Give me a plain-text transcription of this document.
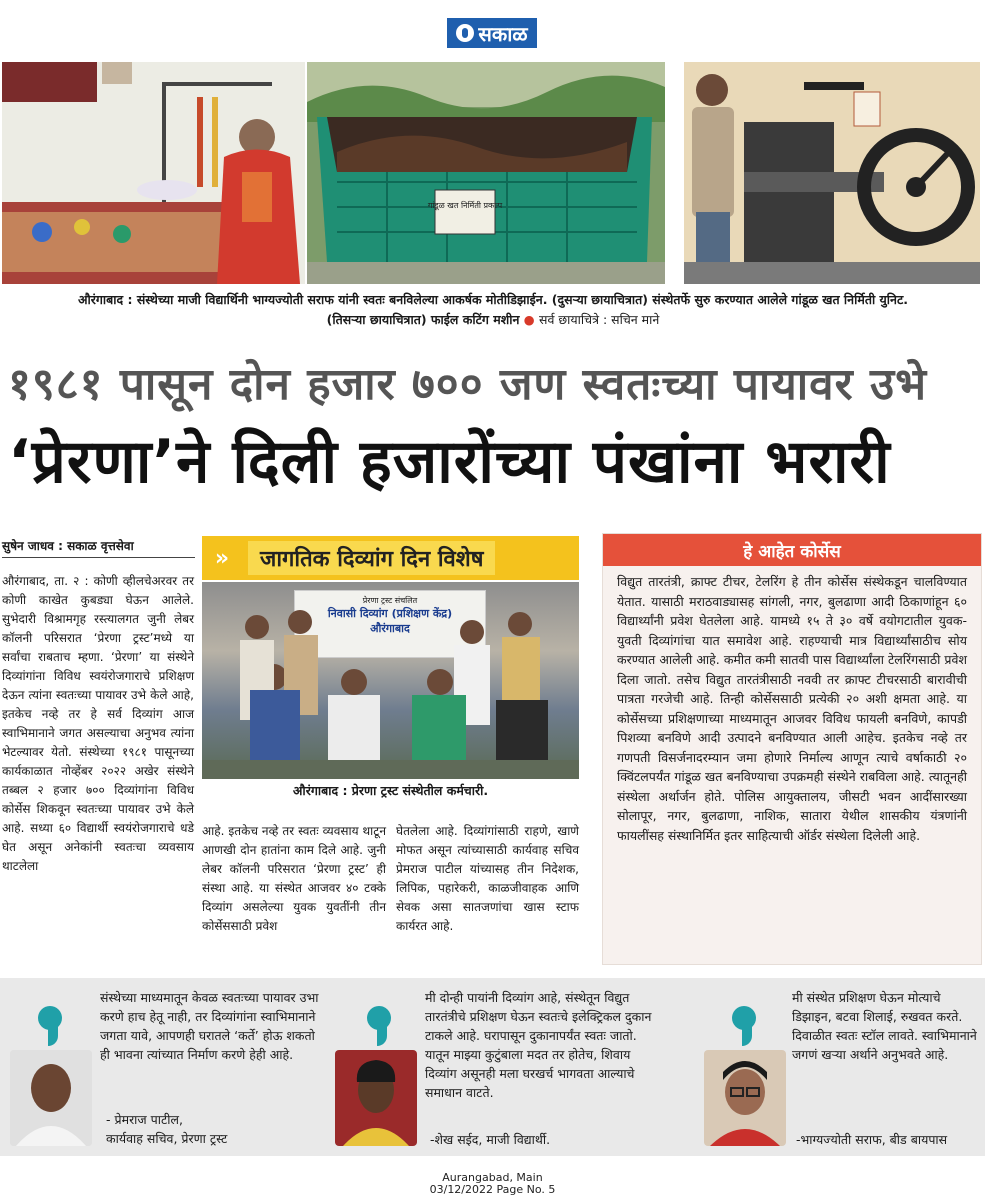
सकाळ
गांडूळ खत निर्मिती प्रकल्प
औरंगाबाद : संस्थेच्या माजी विद्यार्थिनी भाग्यज्योती सराफ यांनी स्वतः बनविलेल्या आकर्षक मोतीडिझाईन. (दुसऱ्या छायाचित्रात) संस्थेतर्फे सुरु करण्यात आलेले गांडूळ खत निर्मिती युनिट.
(तिसऱ्या छायाचित्रात) फाईल कटिंग मशीन ● सर्व छायाचित्रे : सचिन माने
१९८१ पासून दोन हजार ७०० जण स्वतःच्या पायावर उभे
‘प्रेरणा’ने दिली हजारोंच्या पंखांना भरारी
सुषेन जाधव : सकाळ वृत्तसेवा
औरंगाबाद, ता. २ : कोणी व्हीलचेअरवर तर कोणी काखेत कुबड्या घेऊन आलेले. सुभेदारी विश्रामगृह रस्त्यालगत जुनी लेबर कॉलनी परिसरात ‘प्रेरणा ट्रस्ट’मध्ये या सर्वांचा राबताच म्हणा. ‘प्रेरणा’ या संस्थेने दिव्यांगांना विविध स्वयंरोजगाराचे प्रशिक्षण देऊन त्यांना स्वतःच्या पायावर उभे केले आहे, इतकेच नव्हे तर हे सर्व दिव्यांग आज स्वाभिमानाने जगत असल्याचा अनुभव त्यांना भेटल्यावर येतो. संस्थेच्या १९८१ पासूनच्या कार्यकाळात नोव्हेंबर २०२२ अखेर संस्थेने तब्बल २ हजार ७०० दिव्यांगांना विविध कोर्सेस शिकवून स्वतःच्या पायावर उभे केले आहे. सध्या ६० विद्यार्थी स्वयंरोजगाराचे धडे घेत असून अनेकांनी स्वतःचा व्यवसाय थाटलेला
»	जागतिक दिव्यांग दिन विशेष
प्रेरणा ट्रस्ट संचलित
निवासी दिव्यांग (प्रशिक्षण केंद्र)
औरंगाबाद
औरंगाबाद : प्रेरणा ट्रस्ट संस्थेतील कर्मचारी.
आहे. इतकेच नव्हे तर स्वतः व्यवसाय थाटून आणखी दोन हातांना काम दिले आहे. जुनी लेबर कॉलनी परिसरात ‘प्रेरणा ट्रस्ट’ ही संस्था आहे. या संस्थेत आजवर ४० टक्के दिव्यांग असलेल्या युवक युवतींनी तीन कोर्सेससाठी प्रवेश
घेतलेला आहे. दिव्यांगांसाठी राहणे, खाणे मोफत असून त्यांच्यासाठी कार्यवाह सचिव प्रेमराज पाटील यांच्यासह तीन निदेशक, लिपिक, पहारेकरी, काळजीवाहक आणि सेवक असा सातजणांचा खास स्टाफ कार्यरत आहे.
हे आहेत कोर्सेस
विद्युत तारतंत्री, क्राफ्ट टीचर, टेलरिंग हे तीन कोर्सेस संस्थेकडून चालविण्यात येतात. यासाठी मराठवाड्यासह सांगली, नगर, बुलढाणा आदी ठिकाणांहून ६० विद्यार्थ्यांनी प्रवेश घेतलेला आहे. यामध्ये १५ ते ३० वर्षे वयोगटातील युवक-युवती दिव्यांगांचा यात समावेश आहे. राहण्याची मात्र विद्यार्थ्यांसाठीच सोय करण्यात आलेली आहे. कमीत कमी सातवी पास विद्यार्थ्यांला टेलरिंगसाठी प्रवेश दिला जातो. तसेच विद्युत तारतंत्रीसाठी नववी तर क्राफ्ट टीचरसाठी बारावीची पात्रता गरजेची आहे. तिन्ही कोर्सेससाठी प्रत्येकी २० अशी क्षमता आहे. या कोर्सेसच्या प्रशिक्षणाच्या माध्यमातून आजवर विविध फायली बनविणे, कापडी पिशव्या बनविणे आदी उत्पादने बनविण्यात आली आहेच. इतकेच नव्हे तर गणपती विसर्जनादरम्यान जमा होणारे निर्माल्य आणून त्याचे वर्षाकाठी २० क्विंटलपर्यंत गांडूळ खत बनविण्याचा उपक्रमही संस्थेने राबविला आहे. त्यातूनही संस्थेला अर्थार्जन होते. पोलिस आयुक्तालय, जीसटी भवन आदींसारख्या सोलापूर, नगर, बुलढाणा, नाशिक, सातारा येथील शासकीय यंत्रणांनी फायलींसह संस्थानिर्मित इतर साहित्याची ऑर्डर संस्थेला दिलेली आहे.
संस्थेच्या माध्यमातून केवळ स्वतःच्या पायावर उभा करणे हाच हेतू नाही, तर दिव्यांगांना स्वाभिमानाने जगता यावे, आपणही घरातले ‘कर्ते’ होऊ शकतो ही भावना त्यांच्यात निर्माण करणे हेही आहे.
- प्रेमराज पाटील,
कार्यवाह सचिव, प्रेरणा ट्रस्ट
मी दोन्ही पायांनी दिव्यांग आहे, संस्थेतून विद्युत तारतंत्रीचे प्रशिक्षण घेऊन स्वतःचे इलेक्ट्रिकल दुकान टाकले आहे. घरापासून दुकानापर्यंत स्वतः जातो. यातून माझ्या कुटुंबाला मदत तर होतेच, शिवाय दिव्यांग असूनही मला घरखर्च भागवता आल्याचे समाधान वाटते.
-शेख सईद, माजी विद्यार्थी.
मी संस्थेत प्रशिक्षण घेऊन मोत्याचे डिझाइन, बटवा शिलाई, रुखवत करते. दिवाळीत स्वतः स्टॉल लावते. स्वाभिमानाने जगणं खऱ्या अर्थाने अनुभवते आहे.
-भाग्यज्योती सराफ, बीड बायपास
Aurangabad, Main
03/12/2022 Page No. 5
